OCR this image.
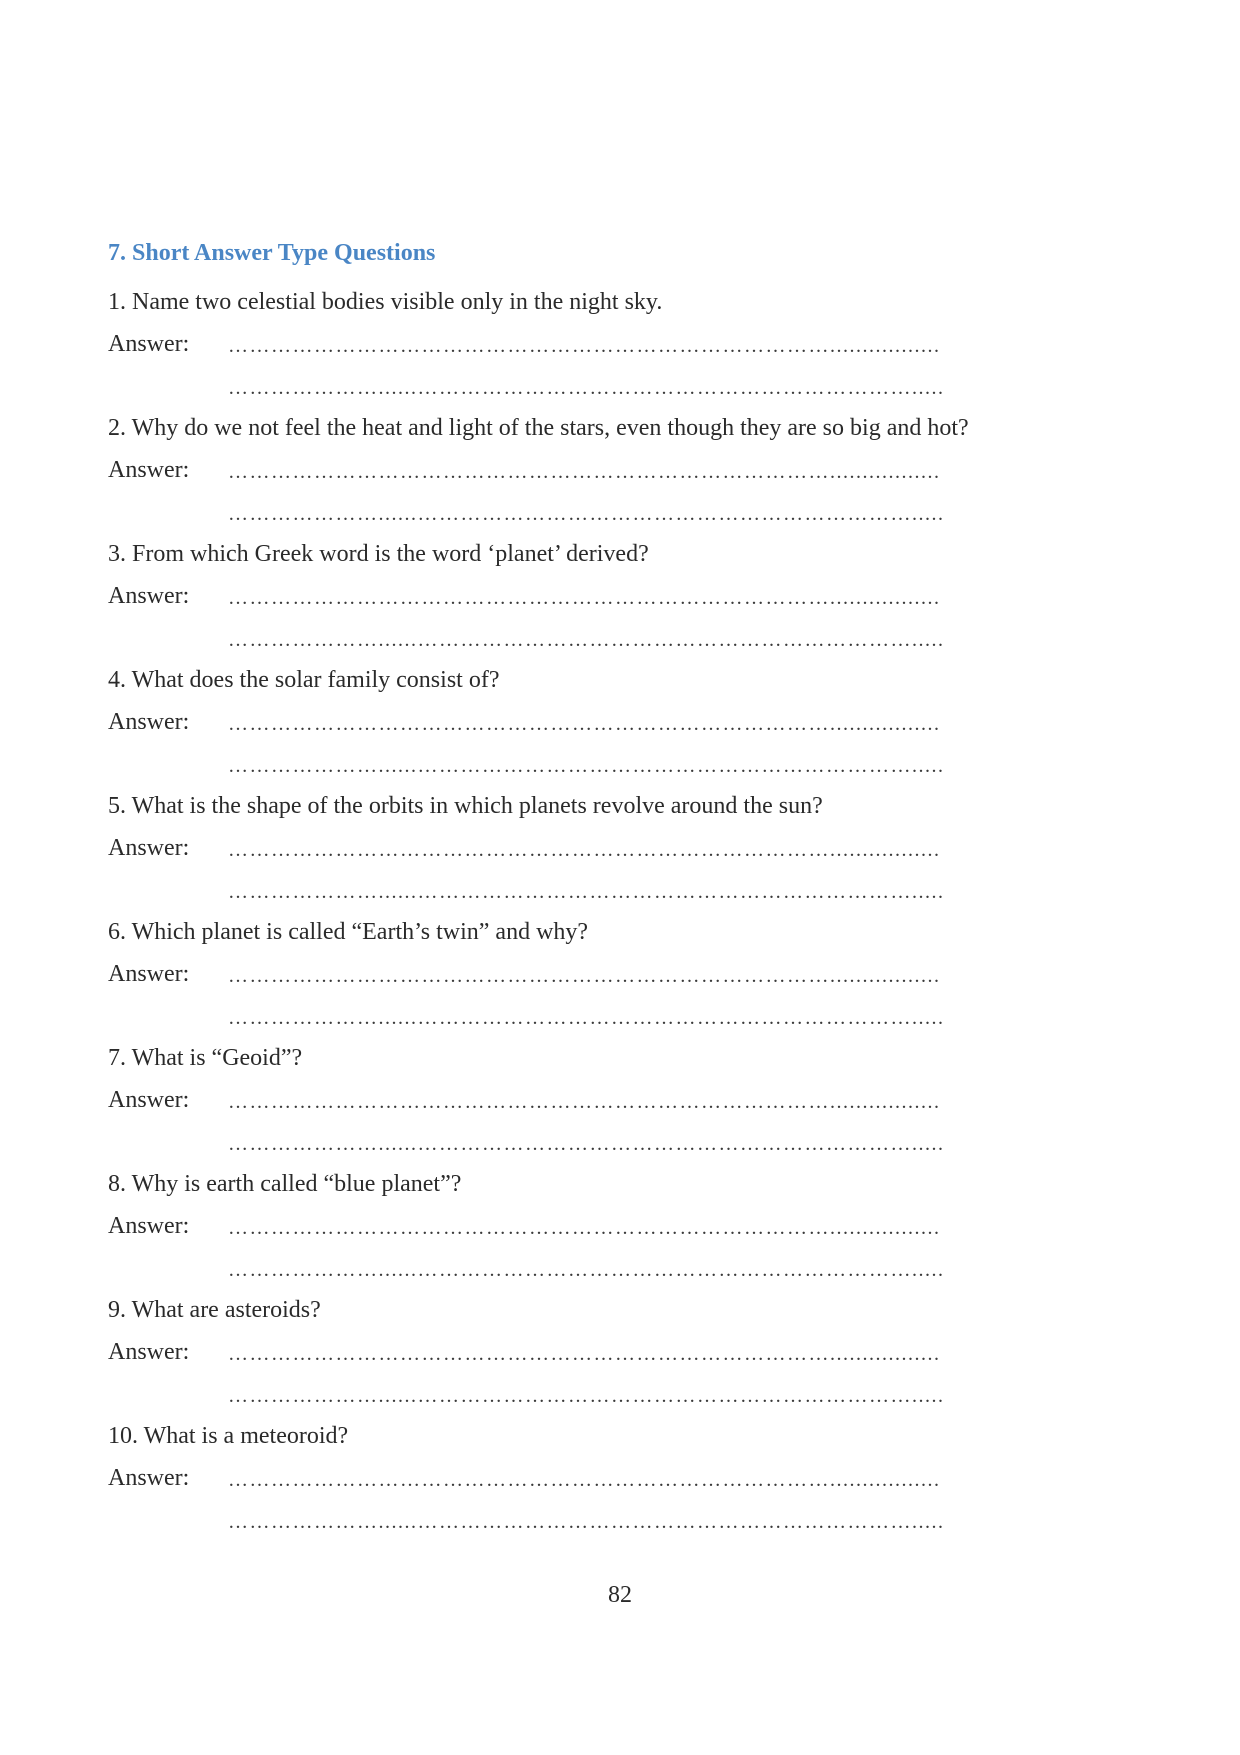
7. Short Answer Type Questions
1. Name two celestial bodies visible only in the night sky.
Answer: ………………………………………………………………………….................
…………………......…………………………………………………………….....
2. Why do we not feel the heat and light of the stars, even though they are so big and hot?
Answer: ………………………………………………………………………….................
…………………......…………………………………………………………….....
3. From which Greek word is the word ‘planet’ derived?
Answer: ………………………………………………………………………….................
…………………......…………………………………………………………….....
4. What does the solar family consist of?
Answer: ………………………………………………………………………….................
…………………......…………………………………………………………….....
5. What is the shape of the orbits in which planets revolve around the sun?
Answer: ………………………………………………………………………….................
…………………......…………………………………………………………….....
6. Which planet is called “Earth’s twin” and why?
Answer: ………………………………………………………………………….................
…………………......…………………………………………………………….....
7. What is “Geoid”?
Answer: ………………………………………………………………………….................
…………………......…………………………………………………………….....
8. Why is earth called “blue planet”?
Answer: ………………………………………………………………………….................
…………………......…………………………………………………………….....
9. What are asteroids?
Answer: ………………………………………………………………………….................
…………………......…………………………………………………………….....
10. What is a meteoroid?
Answer: ………………………………………………………………………….................
…………………......…………………………………………………………….....
82
